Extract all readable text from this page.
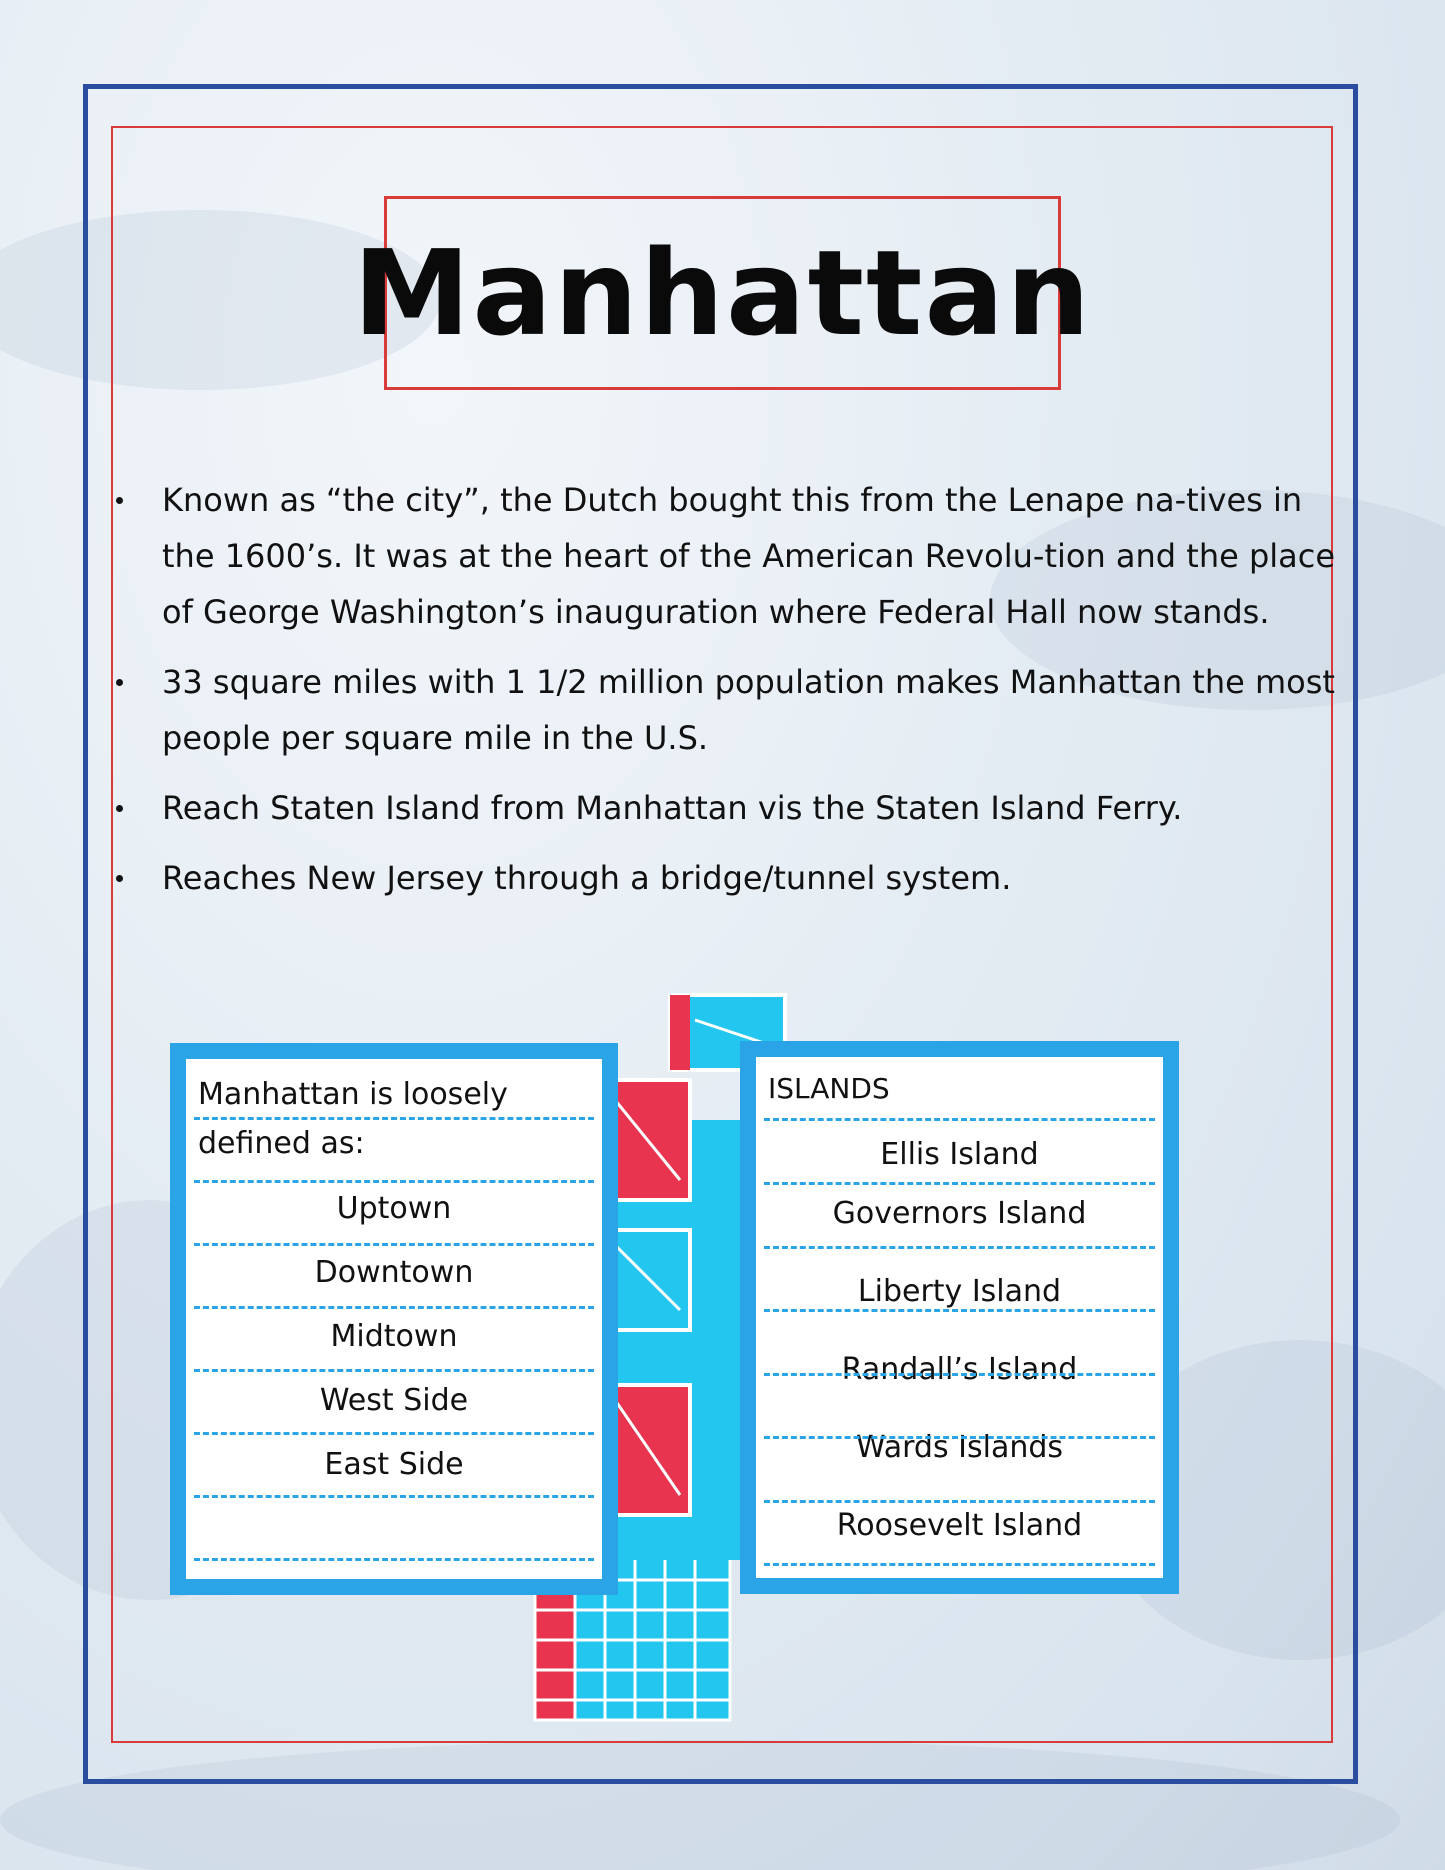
Manhattan
Known as “the city”, the Dutch bought this from the Lenape na-tives in the 1600’s. It was at the heart of the American Revolu-tion and the place of George Washington’s inauguration where Federal Hall now stands.
33 square miles with 1 1/2 million population makes Manhattan the most people per square mile in the U.S.
Reach Staten Island from Manhattan vis the Staten Island Ferry.
Reaches New Jersey through a bridge/tunnel system.
Manhattan is loosely
defined as:
Uptown
Downtown
Midtown
West Side
East Side
ISLANDS
Ellis Island
Governors Island
Liberty Island
Randall’s Island
Wards Islands
Roosevelt Island
